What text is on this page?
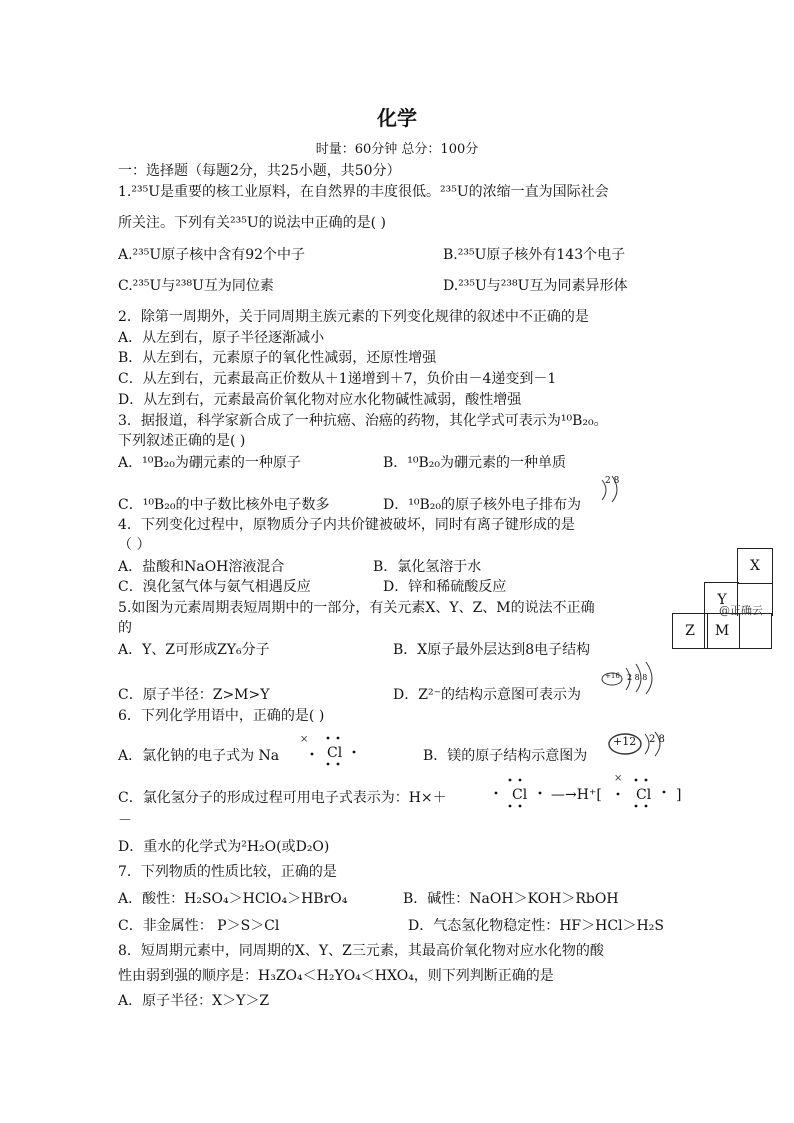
化学
时量：60分钟 总分：100分
一：选择题（每题2分，共25小题，共50分）
1.²³⁵U是重要的核工业原料，在自然界的丰度很低。²³⁵U的浓缩一直为国际社会
所关注。下列有关²³⁵U的说法中正确的是( )
A.²³⁵U原子核中含有92个中子	B.²³⁵U原子核外有143个电子
C.²³⁵U与²³⁸U互为同位素	D.²³⁵U与²³⁸U互为同素异形体
2．除第一周期外，关于同周期主族元素的下列变化规律的叙述中不正确的是
A．从左到右，原子半径逐渐减小
B．从左到右，元素原子的氧化性减弱，还原性增强
C．从左到右，元素最高正价数从＋1递增到＋7，负价由－4递变到－1
D．从左到右，元素最高价氧化物对应水化物碱性减弱，酸性增强
3．据报道，科学家新合成了一种抗癌、治癌的药物，其化学式可表示为¹⁰B₂₀。
下列叙述正确的是( )
A．¹⁰B₂₀为硼元素的一种原子	B．¹⁰B₂₀为硼元素的一种单质
C．¹⁰B₂₀的中子数比核外电子数多	D．¹⁰B₂₀的原子核外电子排布为
2 8
4．下列变化过程中，原物质分子内共价键被破坏，同时有离子键形成的是
（ ）
A．盐酸和NaOH溶液混合	B．氯化氢溶于水
C．溴化氢气体与氨气相遇反应	D．锌和稀硫酸反应
X
Y
Z	M
@正确云
5.如图为元素周期表短周期中的一部分，有关元素X、Y、Z、M的说法不正确
的
A．Y、Z可形成ZY₆分子	B．X原子最外层达到8电子结构
C．原子半径：Z>M>Y	D．Z²⁻的结构示意图可表示为
+16 2 8 8
6．下列化学用语中，正确的是( )
A．氯化钠的电子式为 Na	Cl
×
B．镁的原子结构示意图为
+12 2 8
C．氯化氢分子的形成过程可用电子式表示为：H×＋	Cl —→H⁺[
×
Cl ]
－
D．重水的化学式为²H₂O(或D₂O)
7．下列物质的性质比较，正确的是
A．酸性：H₂SO₄＞HClO₄＞HBrO₄	B．碱性：NaOH＞KOH＞RbOH
C．非金属性： P＞S＞Cl	D．气态氢化物稳定性：HF＞HCl＞H₂S
8．短周期元素中，同周期的X、Y、Z三元素，其最高价氧化物对应水化物的酸
性由弱到强的顺序是：H₃ZO₄＜H₂YO₄＜HXO₄，则下列判断正确的是
A．原子半径：X＞Y＞Z
